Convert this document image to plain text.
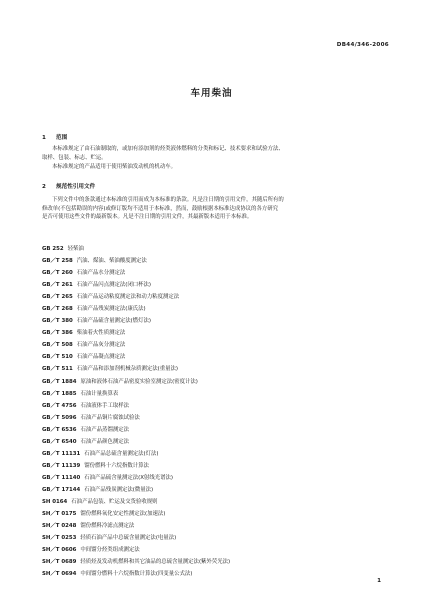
DB44/346-2006
车用柴油
1 范围
本标准规定了由石油制取的，或加有添加剂的烃类液体燃料的分类和标记、技术要求和试验方法、
取样、包装、标志、贮运。
本标准规定的产品适用于使用柴油发动机的机动车。
2 规范性引用文件
下列文件中的条款通过本标准的引用而成为本标准的条款。凡是注日期的引用文件，其随后所有的
修改单(不包括勘误的内容)或修订版均不适用于本标准，然而，鼓励根据本标准达成协议的各方研究
是否可使用这些文件的最新版本。凡是不注日期的引用文件，其最新版本适用于本标准。
GB 252 轻柴油
GB／T 258 汽油、煤油、柴油酸度测定法
GB／T 260 石油产品水分测定法
GB／T 261 石油产品闪点测定法(闭口杯法)
GB／T 265 石油产品运动粘度测定法和动力粘度测定法
GB／T 268 石油产品残炭测定法(康氏法)
GB／T 380 石油产品硫含量测定法(燃灯法)
GB／T 386 柴油着火性质测定法
GB／T 508 石油产品灰分测定法
GB／T 510 石油产品凝点测定法
GB／T 511 石油产品和添加剂机械杂质测定法(重量法)
GB／T 1884 原油和液体石油产品密度实验室测定法(密度计法)
GB／T 1885 石油计量换算表
GB／T 4756 石油液体手工取样法
GB／T 5096 石油产品铜片腐蚀试验法
GB／T 6536 石油产品蒸馏测定法
GB／T 6540 石油产品颜色测定法
GB／T 11131 石油产品总硫含量测定法(灯法)
GB／T 11139 馏份燃料十六烷指数计算法
GB／T 11140 石油产品硫含量测定法(X射线光谱法)
GB／T 17144 石油产品残炭测定法(微量法)
SH 0164 石油产品包装、贮运及交货验收规则
SH／T 0175 馏份燃料氧化安定性测定法(加速法)
SH／T 0248 馏份燃料冷滤点测定法
SH／T 0253 轻质石油产品中总硫含量测定法(电量法)
SH／T 0606 中间馏分烃类组成测定法
SH／T 0689 轻质烃及发动机燃料和其它油品的总硫含量测定法(紫外荧光法)
SH／T 0694 中间馏分燃料十六烷指数计算法(四变量公式法)
1
